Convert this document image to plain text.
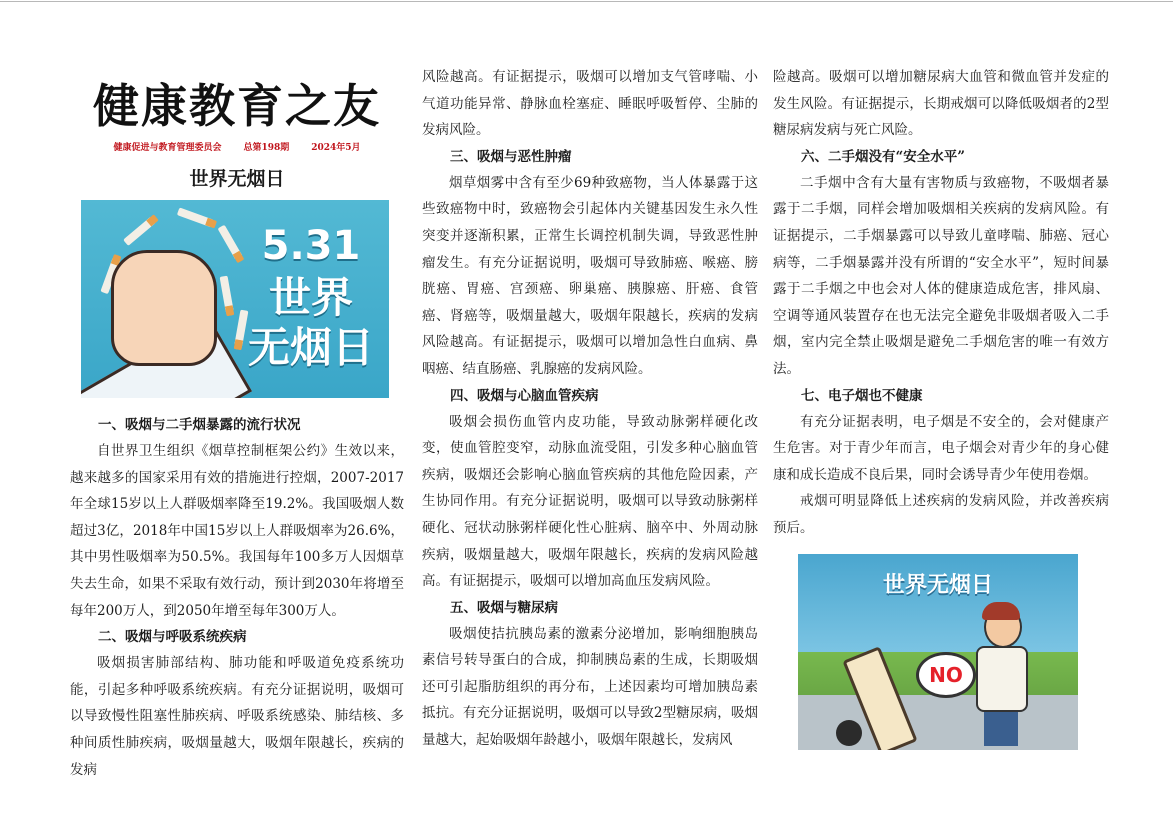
健康教育之友
健康促进与教育管理委员会 总第198期 2024年5月
世界无烟日
5.31
世界
无烟日
一、吸烟与二手烟暴露的流行状况

自世界卫生组织《烟草控制框架公约》生效以来，越来越多的国家采用有效的措施进行控烟，2007-2017年全球15岁以上人群吸烟率降至19.2%。我国吸烟人数超过3亿，2018年中国15岁以上人群吸烟率为26.6%，其中男性吸烟率为50.5%。我国每年100多万人因烟草失去生命，如果不采取有效行动，预计到2030年将增至每年200万人，到2050年增至每年300万人。

二、吸烟与呼吸系统疾病

吸烟损害肺部结构、肺功能和呼吸道免疫系统功能，引起多种呼吸系统疾病。有充分证据说明，吸烟可以导致慢性阻塞性肺疾病、呼吸系统感染、肺结核、多种间质性肺疾病，吸烟量越大，吸烟年限越长，疾病的发病

风险越高。有证据提示，吸烟可以增加支气管哮喘、小气道功能异常、静脉血栓塞症、睡眠呼吸暂停、尘肺的发病风险。

三、吸烟与恶性肿瘤

烟草烟雾中含有至少69种致癌物，当人体暴露于这些致癌物中时，致癌物会引起体内关键基因发生永久性突变并逐渐积累，正常生长调控机制失调，导致恶性肿瘤发生。有充分证据说明，吸烟可导致肺癌、喉癌、膀胱癌、胃癌、宫颈癌、卵巢癌、胰腺癌、肝癌、食管癌、肾癌等，吸烟量越大，吸烟年限越长，疾病的发病风险越高。有证据提示，吸烟可以增加急性白血病、鼻咽癌、结直肠癌、乳腺癌的发病风险。

四、吸烟与心脑血管疾病

吸烟会损伤血管内皮功能，导致动脉粥样硬化改变，使血管腔变窄，动脉血流受阻，引发多种心脑血管疾病，吸烟还会影响心脑血管疾病的其他危险因素，产生协同作用。有充分证据说明，吸烟可以导致动脉粥样硬化、冠状动脉粥样硬化性心脏病、脑卒中、外周动脉疾病，吸烟量越大，吸烟年限越长，疾病的发病风险越高。有证据提示，吸烟可以增加高血压发病风险。

五、吸烟与糖尿病

吸烟使拮抗胰岛素的激素分泌增加，影响细胞胰岛素信号转导蛋白的合成，抑制胰岛素的生成，长期吸烟还可引起脂肪组织的再分布，上述因素均可增加胰岛素抵抗。有充分证据说明，吸烟可以导致2型糖尿病，吸烟量越大，起始吸烟年龄越小，吸烟年限越长，发病风

险越高。吸烟可以增加糖尿病大血管和微血管并发症的发生风险。有证据提示，长期戒烟可以降低吸烟者的2型糖尿病发病与死亡风险。

六、二手烟没有“安全水平”

二手烟中含有大量有害物质与致癌物，不吸烟者暴露于二手烟，同样会增加吸烟相关疾病的发病风险。有证据提示，二手烟暴露可以导致儿童哮喘、肺癌、冠心病等，二手烟暴露并没有所谓的“安全水平”，短时间暴露于二手烟之中也会对人体的健康造成危害，排风扇、空调等通风装置存在也无法完全避免非吸烟者吸入二手烟，室内完全禁止吸烟是避免二手烟危害的唯一有效方法。

七、电子烟也不健康

有充分证据表明，电子烟是不安全的，会对健康产生危害。对于青少年而言，电子烟会对青少年的身心健康和成长造成不良后果，同时会诱导青少年使用卷烟。

戒烟可明显降低上述疾病的发病风险，并改善疾病预后。

世界无烟日
NO
